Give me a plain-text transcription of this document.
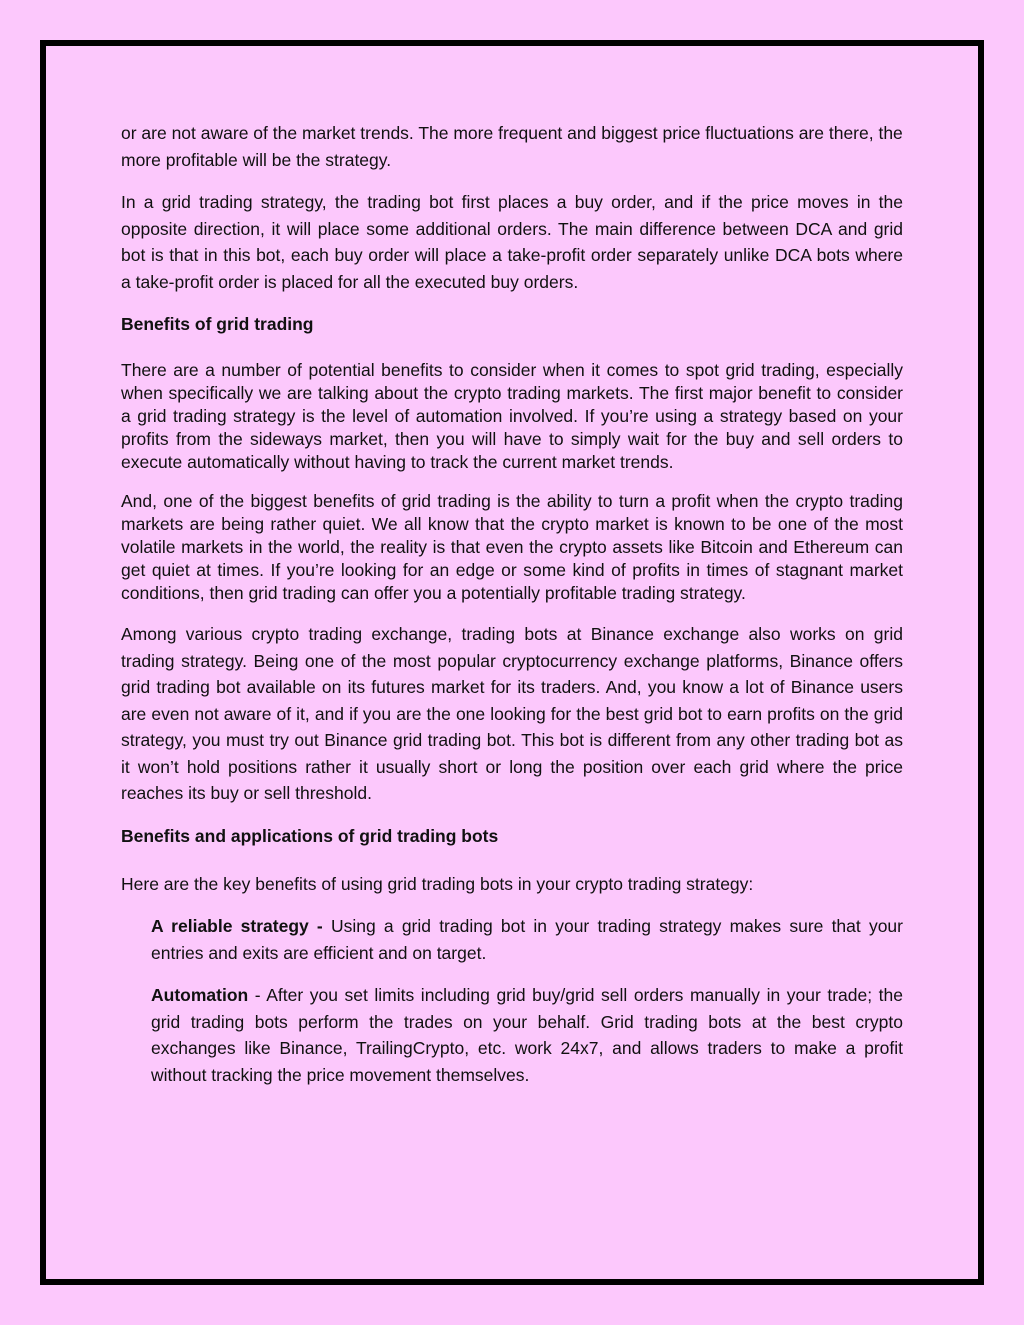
or are not aware of the market trends. The more frequent and biggest price fluctuations are there, the more profitable will be the strategy.

In a grid trading strategy, the trading bot first places a buy order, and if the price moves in the opposite direction, it will place some additional orders. The main difference between DCA and grid bot is that in this bot, each buy order will place a take-profit order separately unlike DCA bots where a take-profit order is placed for all the executed buy orders.

Benefits of grid trading

There are a number of potential benefits to consider when it comes to spot grid trading, especially when specifically we are talking about the crypto trading markets. The first major benefit to consider a grid trading strategy is the level of automation involved. If you’re using a strategy based on your profits from the sideways market, then you will have to simply wait for the buy and sell orders to execute automatically without having to track the current market trends.

And, one of the biggest benefits of grid trading is the ability to turn a profit when the crypto trading markets are being rather quiet. We all know that the crypto market is known to be one of the most volatile markets in the world, the reality is that even the crypto assets like Bitcoin and Ethereum can get quiet at times. If you’re looking for an edge or some kind of profits in times of stagnant market conditions, then grid trading can offer you a potentially profitable trading strategy.

Among various crypto trading exchange, trading bots at Binance exchange also works on grid trading strategy. Being one of the most popular cryptocurrency exchange platforms, Binance offers grid trading bot available on its futures market for its traders. And, you know a lot of Binance users are even not aware of it, and if you are the one looking for the best grid bot to earn profits on the grid strategy, you must try out Binance grid trading bot. This bot is different from any other trading bot as it won’t hold positions rather it usually short or long the position over each grid where the price reaches its buy or sell threshold.

Benefits and applications of grid trading bots

Here are the key benefits of using grid trading bots in your crypto trading strategy:

A reliable strategy - Using a grid trading bot in your trading strategy makes sure that your entries and exits are efficient and on target.

Automation - After you set limits including grid buy/grid sell orders manually in your trade; the grid trading bots perform the trades on your behalf. Grid trading bots at the best crypto exchanges like Binance, TrailingCrypto, etc. work 24x7, and allows traders to make a profit without tracking the price movement themselves.
